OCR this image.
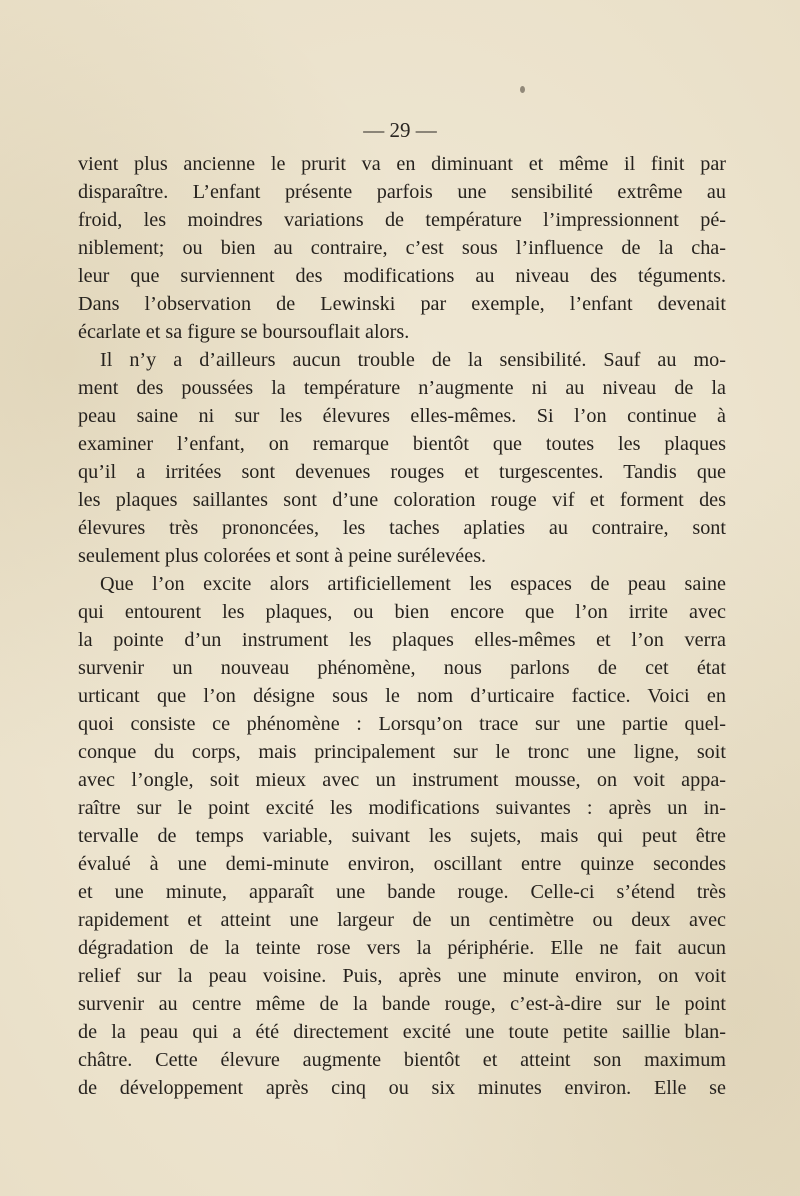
— 29 —
vient plus ancienne le prurit va en diminuant et même il finit par
disparaître. L’enfant présente parfois une sensibilité extrême au
froid, les moindres variations de température l’impressionnent pé-
niblement; ou bien au contraire, c’est sous l’influence de la cha-
leur que surviennent des modifications au niveau des téguments.
Dans l’observation de Lewinski par exemple, l’enfant devenait
écarlate et sa figure se boursouflait alors.
Il n’y a d’ailleurs aucun trouble de la sensibilité. Sauf au mo-
ment des poussées la température n’augmente ni au niveau de la
peau saine ni sur les élevures elles-mêmes. Si l’on continue à
examiner l’enfant, on remarque bientôt que toutes les plaques
qu’il a irritées sont devenues rouges et turgescentes. Tandis que
les plaques saillantes sont d’une coloration rouge vif et forment des
élevures très prononcées, les taches aplaties au contraire, sont
seulement plus colorées et sont à peine surélevées.
Que l’on excite alors artificiellement les espaces de peau saine
qui entourent les plaques, ou bien encore que l’on irrite avec
la pointe d’un instrument les plaques elles-mêmes et l’on verra
survenir un nouveau phénomène, nous parlons de cet état
urticant que l’on désigne sous le nom d’urticaire factice. Voici en
quoi consiste ce phénomène : Lorsqu’on trace sur une partie quel-
conque du corps, mais principalement sur le tronc une ligne, soit
avec l’ongle, soit mieux avec un instrument mousse, on voit appa-
raître sur le point excité les modifications suivantes : après un in-
tervalle de temps variable, suivant les sujets, mais qui peut être
évalué à une demi-minute environ, oscillant entre quinze secondes
et une minute, apparaît une bande rouge. Celle-ci s’étend très
rapidement et atteint une largeur de un centimètre ou deux avec
dégradation de la teinte rose vers la périphérie. Elle ne fait aucun
relief sur la peau voisine. Puis, après une minute environ, on voit
survenir au centre même de la bande rouge, c’est-à-dire sur le point
de la peau qui a été directement excité une toute petite saillie blan-
châtre. Cette élevure augmente bientôt et atteint son maximum
de développement après cinq ou six minutes environ. Elle se
